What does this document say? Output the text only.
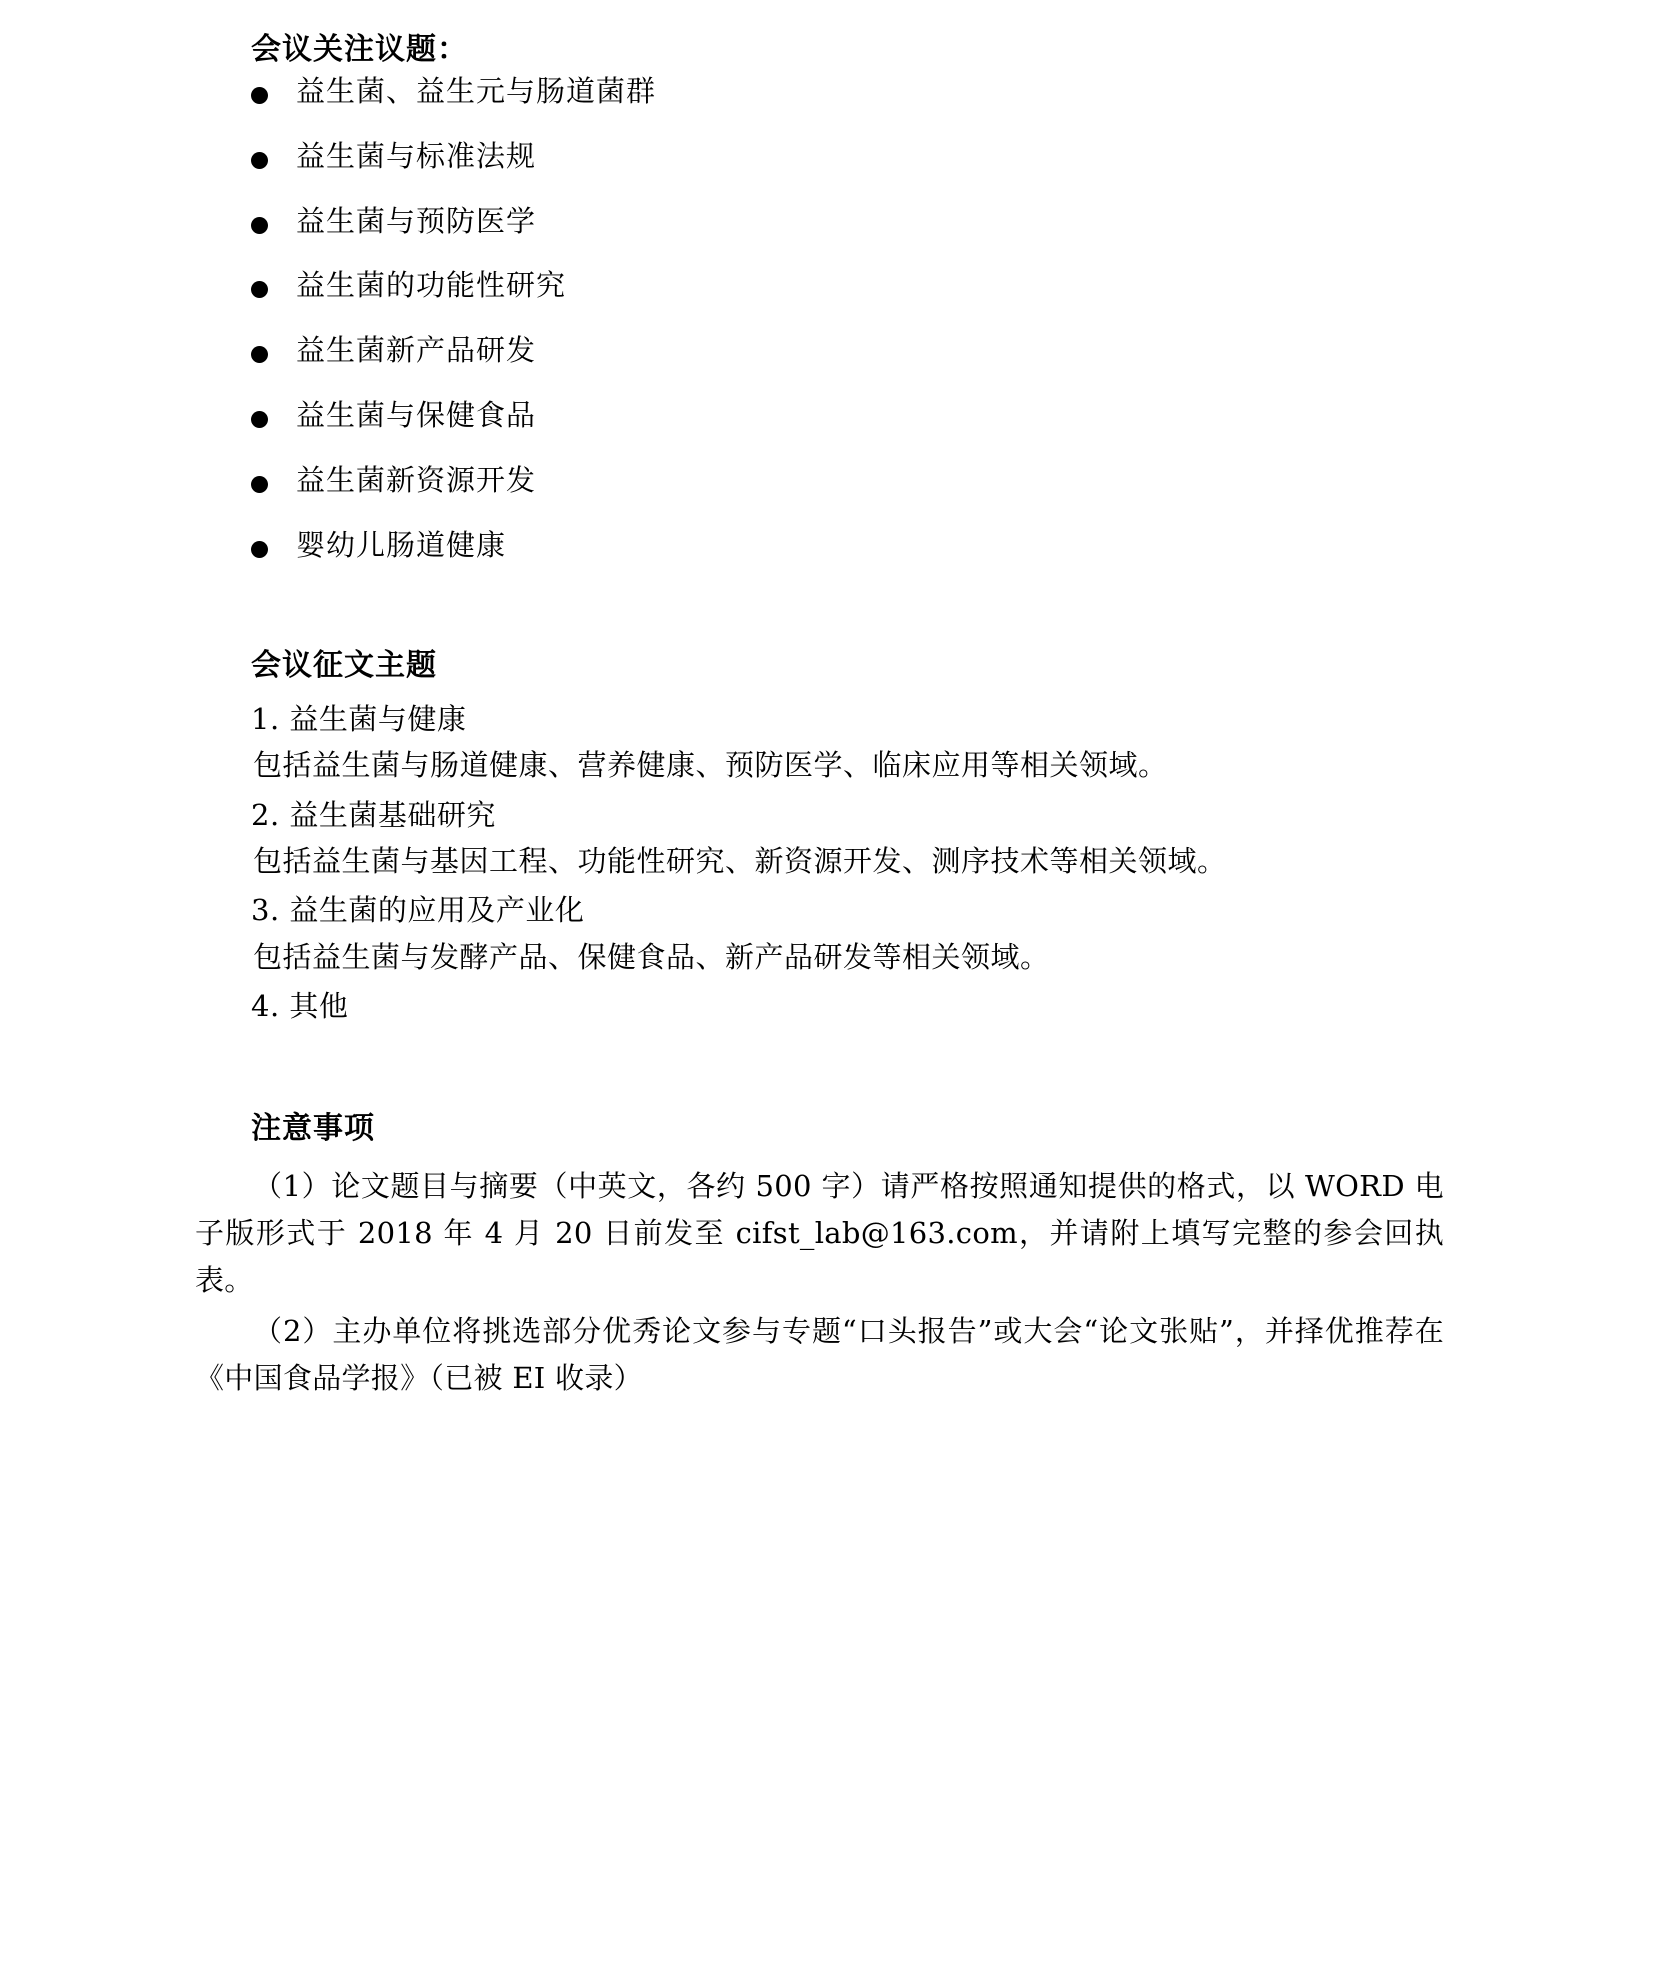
会议关注议题：
益生菌、益生元与肠道菌群
益生菌与标准法规
益生菌与预防医学
益生菌的功能性研究
益生菌新产品研发
益生菌与保健食品
益生菌新资源开发
婴幼儿肠道健康
会议征文主题
1. 益生菌与健康
包括益生菌与肠道健康、营养健康、预防医学、临床应用等相关领域。
2. 益生菌基础研究
包括益生菌与基因工程、功能性研究、新资源开发、测序技术等相关领域。
3. 益生菌的应用及产业化
包括益生菌与发酵产品、保健食品、新产品研发等相关领域。
4. 其他
注意事项
（1）论文题目与摘要（中英文，各约 500 字）请严格按照通知提供的格式，以 WORD 电子版形式于 2018 年 4 月 20 日前发至 cifst_lab@163.com，并请附上填写完整的参会回执表。
（2）主办单位将挑选部分优秀论文参与专题“口头报告”或大会“论文张贴”，并择优推荐在《中国食品学报》（已被 EI 收录）
